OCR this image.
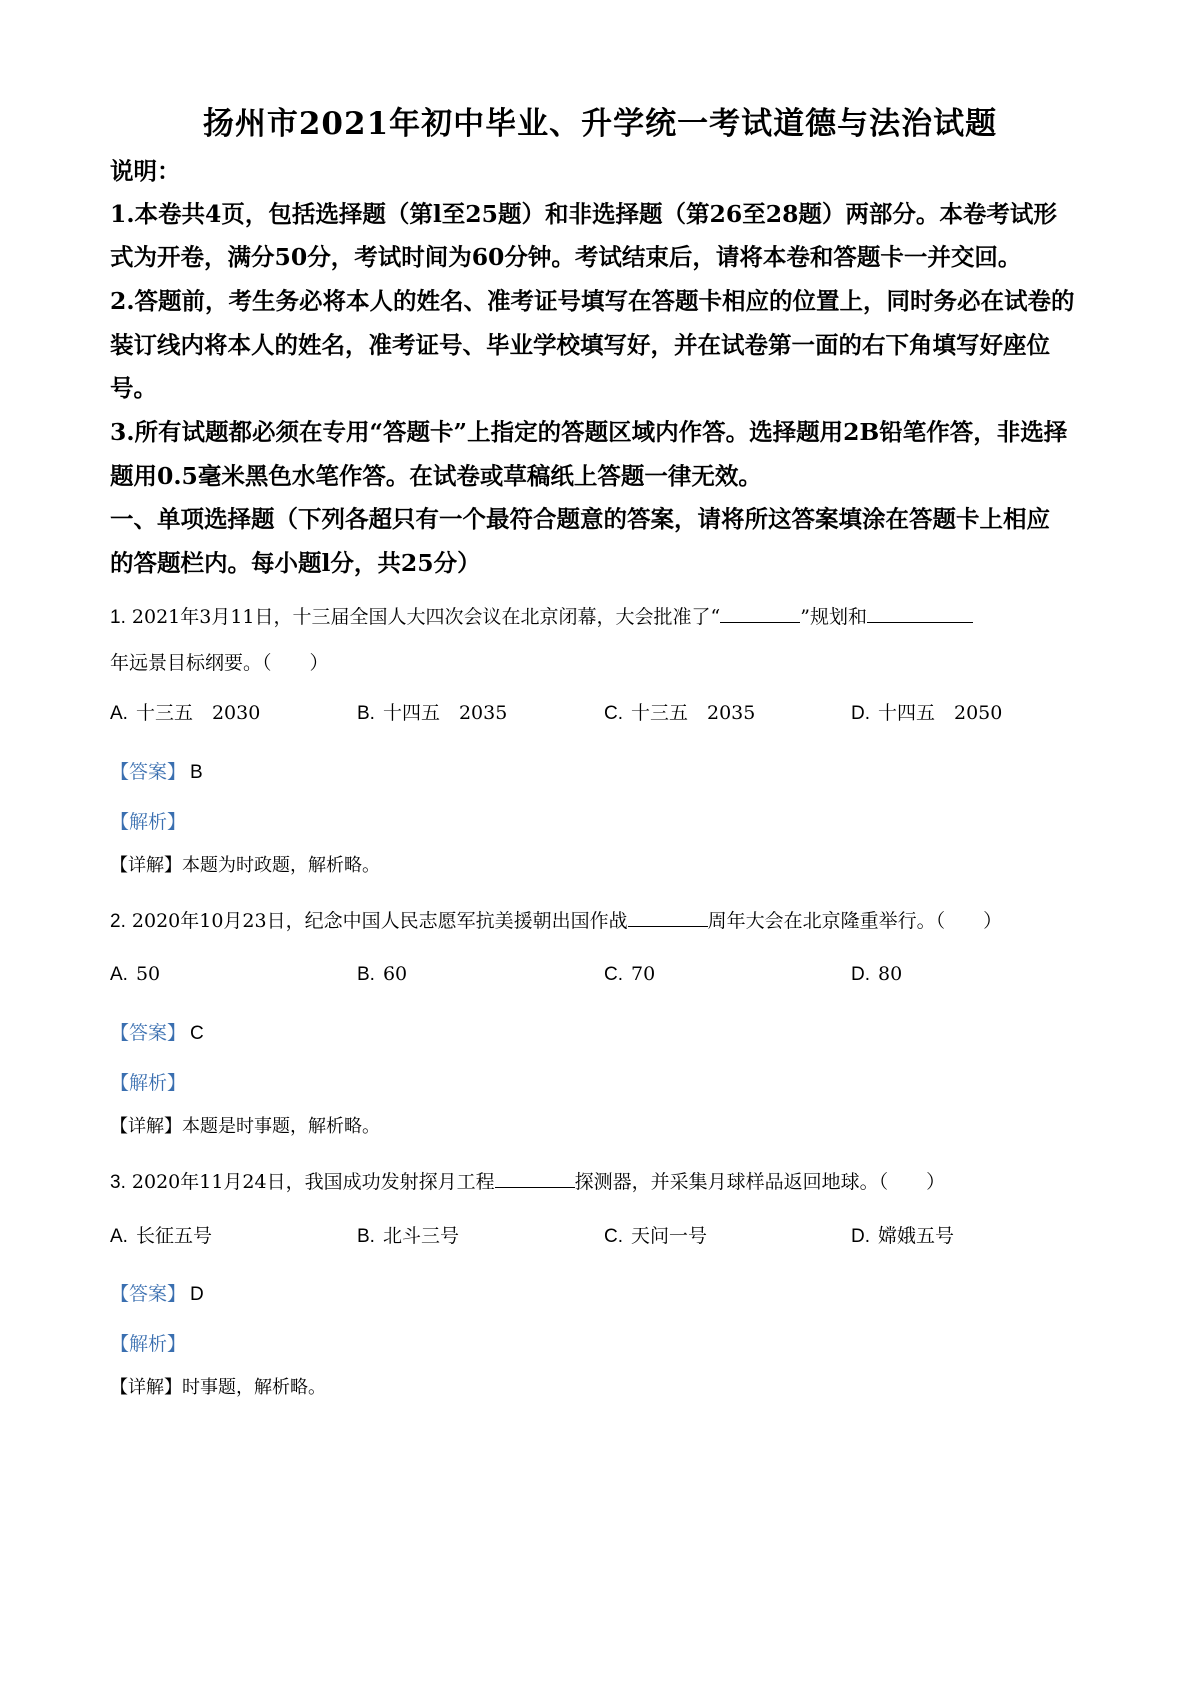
扬州市2021年初中毕业、升学统一考试道德与法治试题
说明：
1.本卷共4页，包括选择题（第l至25题）和非选择题（第26至28题）两部分。本卷考试形
式为开卷，满分50分，考试时间为60分钟。考试结束后，请将本卷和答题卡一并交回。
2.答题前，考生务必将本人的姓名、准考证号填写在答题卡相应的位置上，同时务必在试卷的
装订线内将本人的姓名，准考证号、毕业学校填写好，并在试卷第一面的右下角填写好座位
号。
3.所有试题都必须在专用“答题卡”上指定的答题区域内作答。选择题用2B铅笔作答，非选择
题用0.5毫米黑色水笔作答。在试卷或草稿纸上答题一律无效。
一、单项选择题（下列各超只有一个最符合题意的答案，请将所这答案填涂在答题卡上相应
的答题栏内。每小题l分，共25分）
1. 2021年3月11日，十三届全国人大四次会议在北京闭幕，大会批准了“	”规划和
年远景目标纲要。（　　）
A. 十三五　2030	B. 十四五　2035	C. 十三五　2035	D. 十四五　2050
【答案】 B
【解析】
【详解】本题为时政题，解析略。
2. 2020年10月23日，纪念中国人民志愿军抗美援朝出国作战	周年大会在北京隆重举行。（　　）
A. 50	B. 60	C. 70	D. 80
【答案】 C
【解析】
【详解】本题是时事题，解析略。
3. 2020年11月24日，我国成功发射探月工程	探测器，并采集月球样品返回地球。（　　）
A. 长征五号	B. 北斗三号	C. 天问一号	D. 嫦娥五号
【答案】 D
【解析】
【详解】时事题，解析略。
